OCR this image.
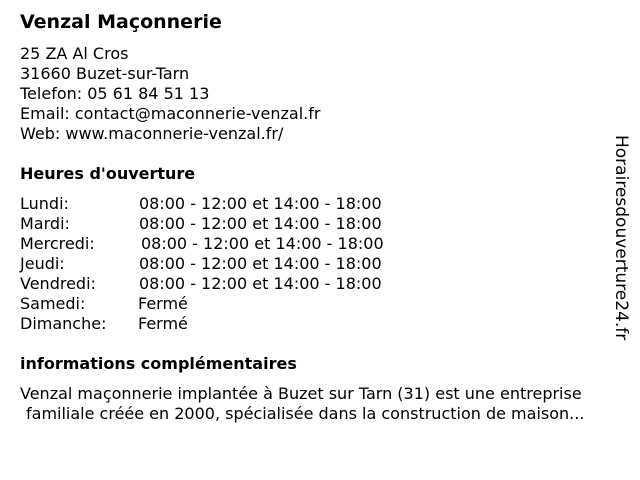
Venzal Maçonnerie
25 ZA Al Cros
31660 Buzet-sur-Tarn
Telefon: 05 61 84 51 13
Email: contact@maconnerie-venzal.fr
Web: www.maconnerie-venzal.fr/
Heures d'ouverture
Lundi:	08:00 - 12:00 et 14:00 - 18:00
Mardi:	08:00 - 12:00 et 14:00 - 18:00
Mercredi:	08:00 - 12:00 et 14:00 - 18:00
Jeudi:	08:00 - 12:00 et 14:00 - 18:00
Vendredi:	08:00 - 12:00 et 14:00 - 18:00
Samedi:	Fermé
Dimanche: Fermé
informations complémentaires
Venzal maçonnerie implantée à Buzet sur Tarn (31) est une entreprise
familiale créée en 2000, spécialisée dans la construction de maison...
Horairesdouverture24.fr
